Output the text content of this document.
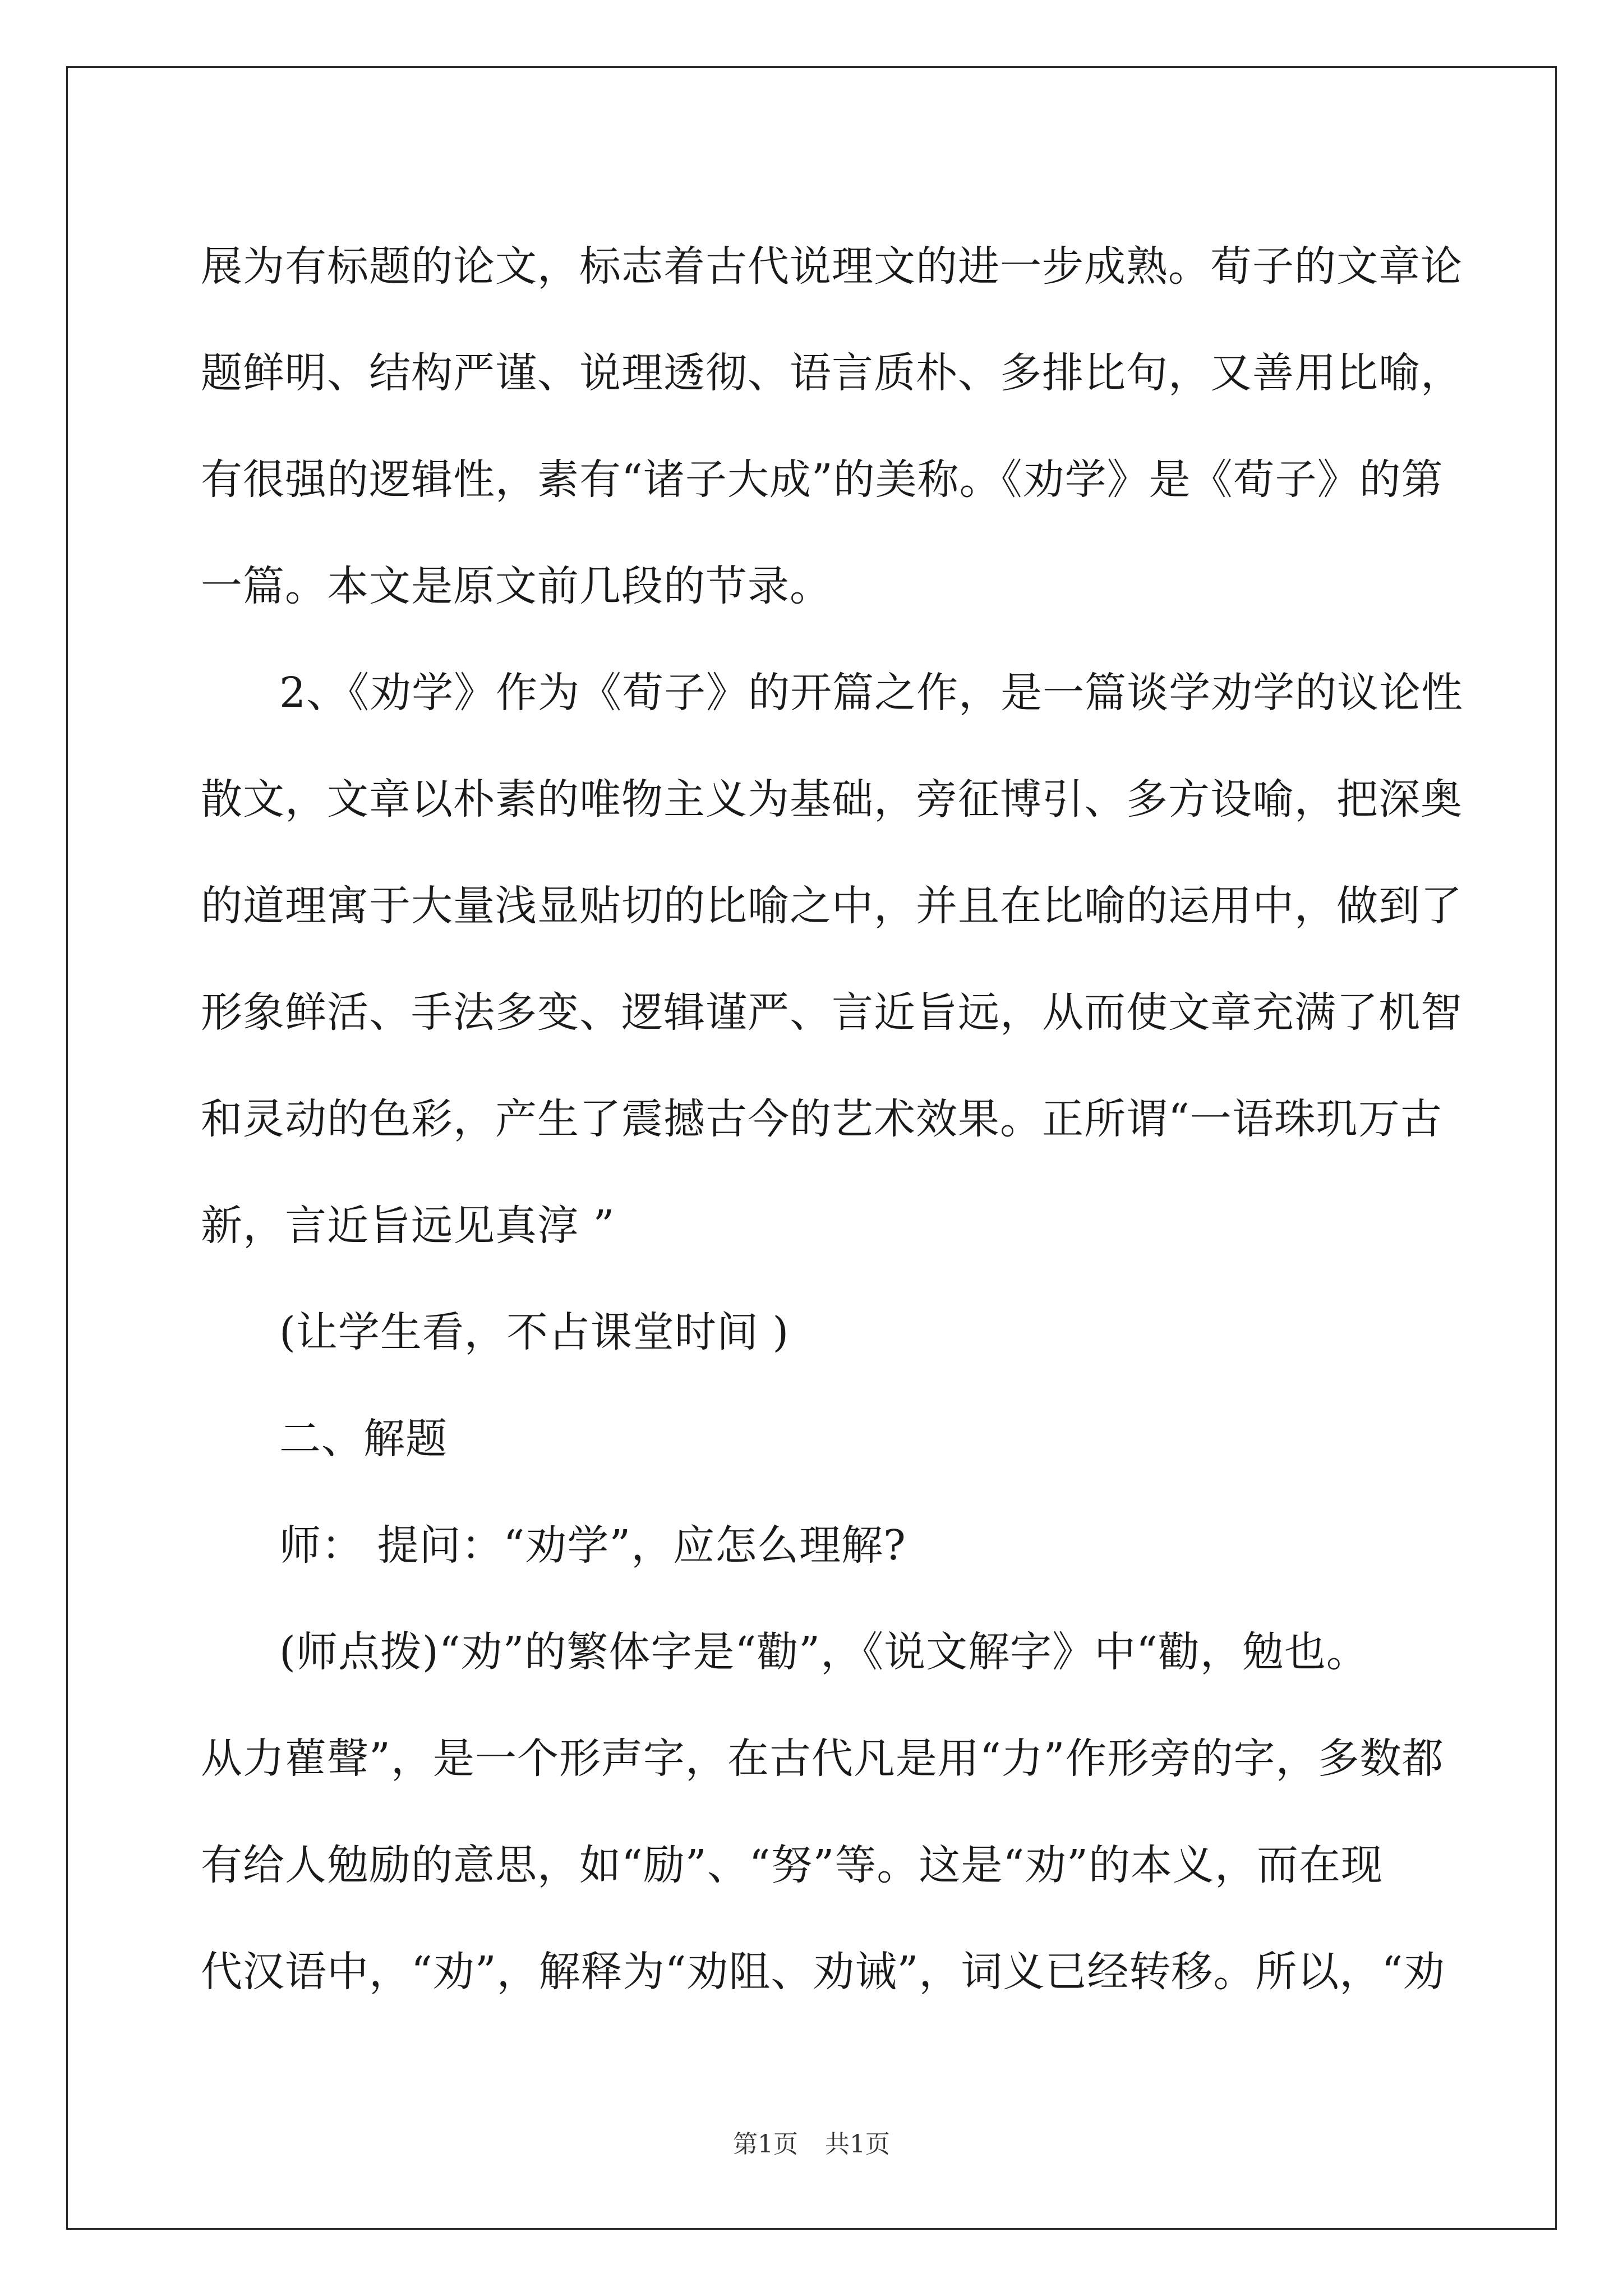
展为有标题的论文，标志着古代说理文的进一步成熟。荀子的文章论
题鲜明、结构严谨、说理透彻、语言质朴、多排比句，又善用比喻，
有很强的逻辑性，素有“诸子大成”的美称。《劝学》是《荀子》的第
一篇。本文是原文前几段的节录。
2、《劝学》作为《荀子》的开篇之作，是一篇谈学劝学的议论性
散文，文章以朴素的唯物主义为基础，旁征博引、多方设喻，把深奥
的道理寓于大量浅显贴切的比喻之中，并且在比喻的运用中，做到了
形象鲜活、手法多变、逻辑谨严、言近旨远，从而使文章充满了机智
和灵动的色彩，产生了震撼古今的艺术效果。正所谓“一语珠玑万古
新，言近旨远见真淳 ”
(让学生看，不占课堂时间 )
二、解题
师： 提问：“劝学”，应怎么理解?
(师点拨)“劝”的繁体字是“勸”，《说文解字》中“勸，勉也。
从力雚聲”，是一个形声字，在古代凡是用“力”作形旁的字，多数都
有给人勉励的意思，如“励”、“努”等。这是“劝”的本义，而在现
代汉语中，“劝”，解释为“劝阻、劝诫”，词义已经转移。所以，“劝
第1页 共1页
